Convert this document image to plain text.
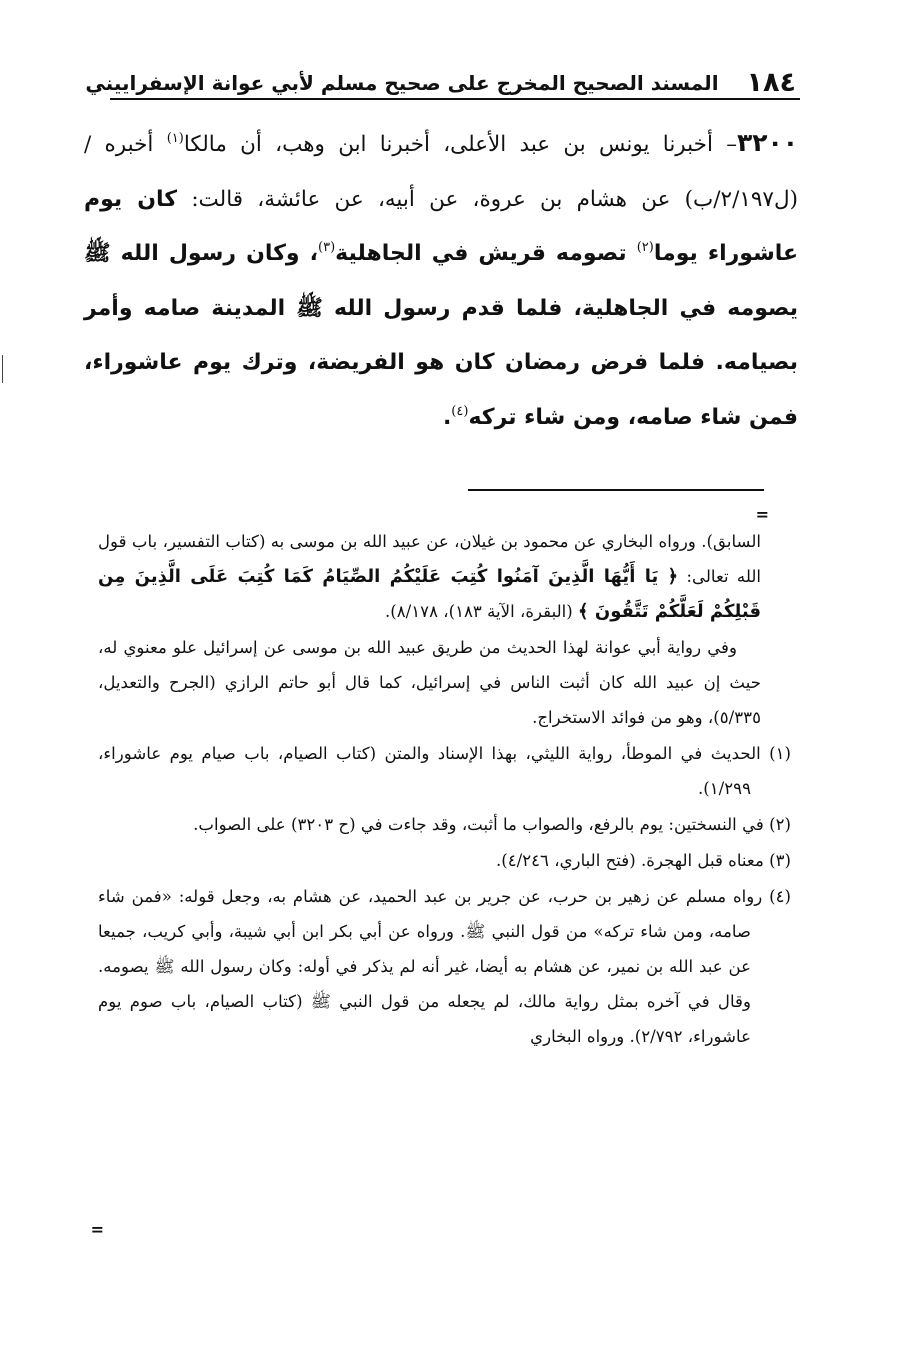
١٨٤
المسند الصحيح المخرج على صحيح مسلم لأبي عوانة الإسفراييني

٣٢٠٠– أخبرنا يونس بن عبد الأعلى، أخبرنا ابن وهب، أن مالكا$^{(١)}$ أخبره / (ل٢/١٩٧/ب) عن هشام بن عروة، عن أبيه، عن عائشة، قالت: كان يوم عاشوراء يوما$^{(٢)}$ تصومه قريش في الجاهلية$^{(٣)}$، وكان رسول الله ﷺ يصومه في الجاهلية، فلما قدم رسول الله ﷺ المدينة صامه وأمر بصيامه. فلما فرض رمضان كان هو الفريضة، وترك يوم عاشوراء، فمن شاء صامه، ومن شاء تركه$^{(٤)}$.

=

السابق). ورواه البخاري عن محمود بن غيلان، عن عبيد الله بن موسى به (كتاب التفسير، باب قول الله تعالى: ﴿ يَا أَيُّهَا الَّذِينَ آمَنُوا كُتِبَ عَلَيْكُمُ الصِّيَامُ كَمَا كُتِبَ عَلَى الَّذِينَ مِن قَبْلِكُمْ لَعَلَّكُمْ تَتَّقُونَ ﴾ (البقرة، الآية ١٨٣)، ٨/١٧٨).

وفي رواية أبي عوانة لهذا الحديث من طريق عبيد الله بن موسى عن إسرائيل علو معنوي له، حيث إن عبيد الله كان أثبت الناس في إسرائيل، كما قال أبو حاتم الرازي (الجرح والتعديل، ٥/٣٣٥)، وهو من فوائد الاستخراج.

(١) الحديث في الموطأ، رواية الليثي، بهذا الإسناد والمتن (كتاب الصيام، باب صيام يوم عاشوراء، ١/٢٩٩).

(٢) في النسختين: يوم بالرفع، والصواب ما أثبت، وقد جاءت في (ح ٣٢٠٣) على الصواب.

(٣) معناه قبل الهجرة. (فتح الباري، ٤/٢٤٦).

(٤) رواه مسلم عن زهير بن حرب، عن جرير بن عبد الحميد، عن هشام به، وجعل قوله: «فمن شاء صامه، ومن شاء تركه» من قول النبي ﷺ. ورواه عن أبي بكر ابن أبي شيبة، وأبي كريب، جميعا عن عبد الله بن نمير، عن هشام به أيضا، غير أنه لم يذكر في أوله: وكان رسول الله ﷺ يصومه. وقال في آخره بمثل رواية مالك، لم يجعله من قول النبي ﷺ (كتاب الصيام، باب صوم يوم عاشوراء، ٢/٧٩٢). ورواه البخاري

=
